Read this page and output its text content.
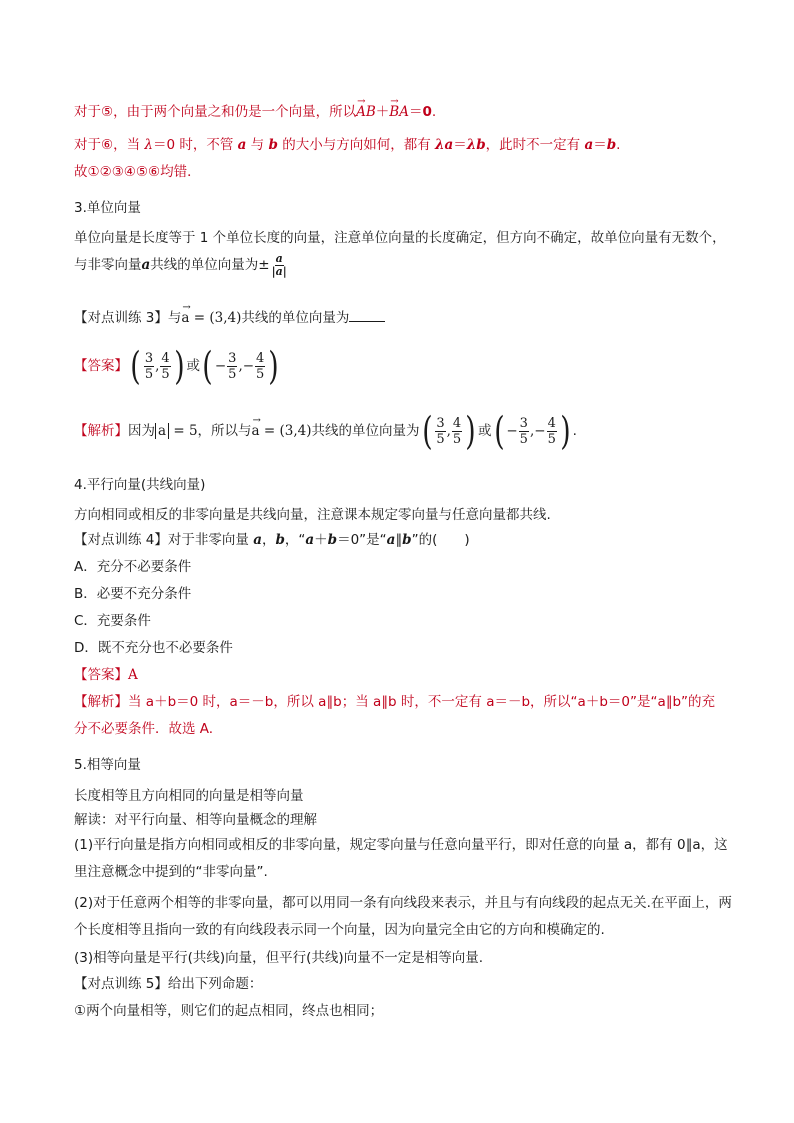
对于⑤，由于两个向量之和仍是一个向量，所以→ AB＋→ BA＝0.
对于⑥，当 λ＝0 时，不管 a 与 b 的大小与方向如何，都有 λa＝λb，此时不一定有 a＝b.
故①②③④⑤⑥均错．
3.单位向量
单位向量是长度等于 1 个单位长度的向量，注意单位向量的长度确定，但方向不确定，故单位向量有无数个，与非零向量a共线的单位向量为± $\frac{a}{|a|}$
【对点训练 3】与→ a = (3,4)共线的单位向量为
【答案】( $\frac{3}{5}$ , $\frac{4}{5}$ ) 或( − $\frac{3}{5}$ ,− $\frac{4}{5}$ )
【解析】因为 a = 5，所以与→ a = (3,4)共线的单位向量为( $\frac{3}{5}$ , $\frac{4}{5}$ ) 或( − $\frac{3}{5}$ ,− $\frac{4}{5}$ ) .
4.平行向量(共线向量)
方向相同或相反的非零向量是共线向量，注意课本规定零向量与任意向量都共线.
【对点训练 4】对于非零向量 a，b，“a＋b＝0”是“a∥b”的(　　)
A．充分不必要条件
B．必要不充分条件
C．充要条件
D．既不充分也不必要条件
【答案】A
【解析】当 a＋b＝0 时，a＝－b，所以 a∥b；当 a∥b 时，不一定有 a＝－b，所以“a＋b＝0”是“a∥b”的充
分不必要条件．故选 A.
5.相等向量
长度相等且方向相同的向量是相等向量
解读：对平行向量、相等向量概念的理解
(1)平行向量是指方向相同或相反的非零向量，规定零向量与任意向量平行，即对任意的向量 a，都有 0∥a，这里注意概念中提到的“非零向量”.
(2)对于任意两个相等的非零向量，都可以用同一条有向线段来表示，并且与有向线段的起点无关.在平面上，两个长度相等且指向一致的有向线段表示同一个向量，因为向量完全由它的方向和模确定的.
(3)相等向量是平行(共线)向量，但平行(共线)向量不一定是相等向量.
【对点训练 5】给出下列命题：
①两个向量相等，则它们的起点相同，终点也相同；
